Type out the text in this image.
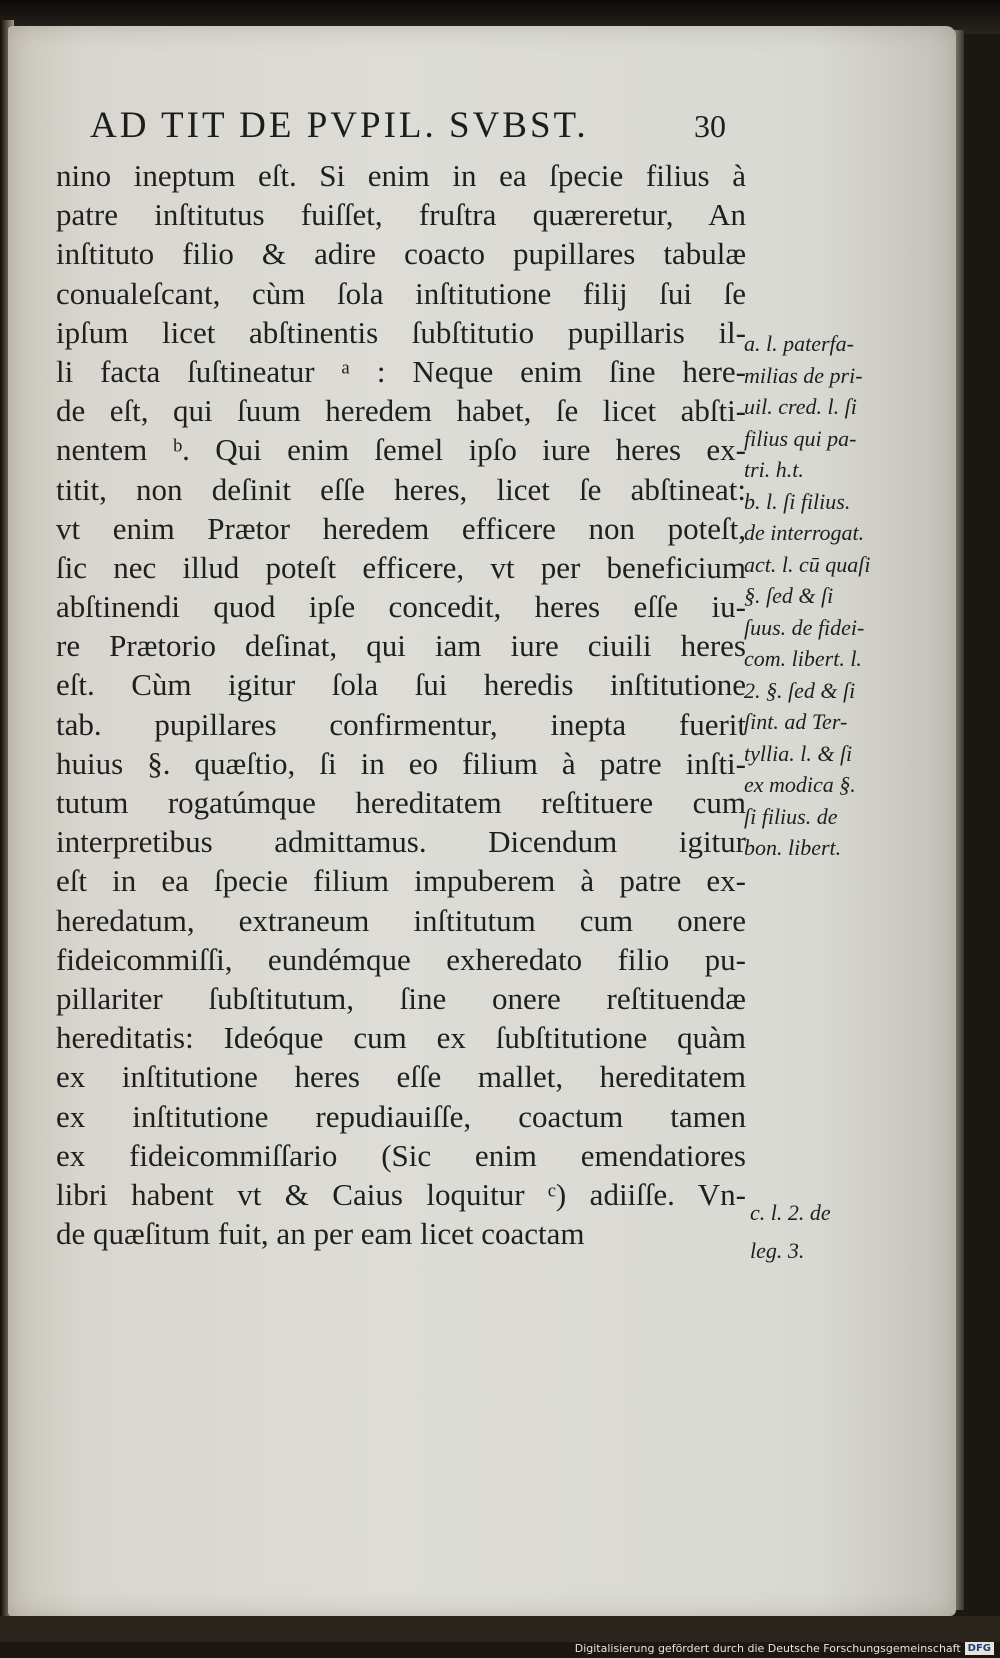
AD TIT DE PVPIL. SVBST.	30
nino ineptum eſt. Si enim in ea ſpecie filius à
patre inſtitutus fuiſſet, fruſtra quæreretur, An
inſtituto filio & adire coacto pupillares tabulæ
conualeſcant, cùm ſola inſtitutione filij ſui ſe
ipſum licet abſtinentis ſubſtitutio pupillaris il-
li facta ſuſtineatur ᵃ : Neque enim ſine here-
de eſt, qui ſuum heredem habet, ſe licet abſti-
nentem ᵇ. Qui enim ſemel ipſo iure heres ex-
titit, non deſinit eſſe heres, licet ſe abſtineat:
vt enim Prætor heredem efficere non poteſt,
ſic nec illud poteſt efficere, vt per beneficium
abſtinendi quod ipſe concedit, heres eſſe iu-
re Prætorio deſinat, qui iam iure ciuili heres
eſt. Cùm igitur ſola ſui heredis inſtitutione
tab. pupillares confirmentur, inepta fuerit
huius §. quæſtio, ſi in eo filium à patre inſti-
tutum rogatúmque hereditatem reſtituere cum
interpretibus admittamus. Dicendum igitur
eſt in ea ſpecie filium impuberem à patre ex-
heredatum, extraneum inſtitutum cum onere
fideicommiſſi, eundémque exheredato filio pu-
pillariter ſubſtitutum, ſine onere reſtituendæ
hereditatis: Ideóque cum ex ſubſtitutione quàm
ex inſtitutione heres eſſe mallet, hereditatem
ex inſtitutione repudiauiſſe, coactum tamen
ex fideicommiſſario (Sic enim emendatiores
libri habent vt & Caius loquitur ᶜ) adiiſſe. Vn-
de quæſitum fuit, an per eam licet coactam
a. l. paterfa-
milias de pri-
uil. cred. l. ſi
filius qui pa-
tri. h.t.
b. l. ſi filius.
de interrogat.
act. l. cū quaſi
§. ſed & ſi
ſuus. de fidei-
com. libert. l.
2. §. ſed & ſi
ſint. ad Ter-
tyllia. l. & ſi
ex modica §.
ſi filius. de
bon. libert.
c. l. 2. de
leg. 3.
Digitalisierung gefördert durch die Deutsche Forschungsgemeinschaft DFG
